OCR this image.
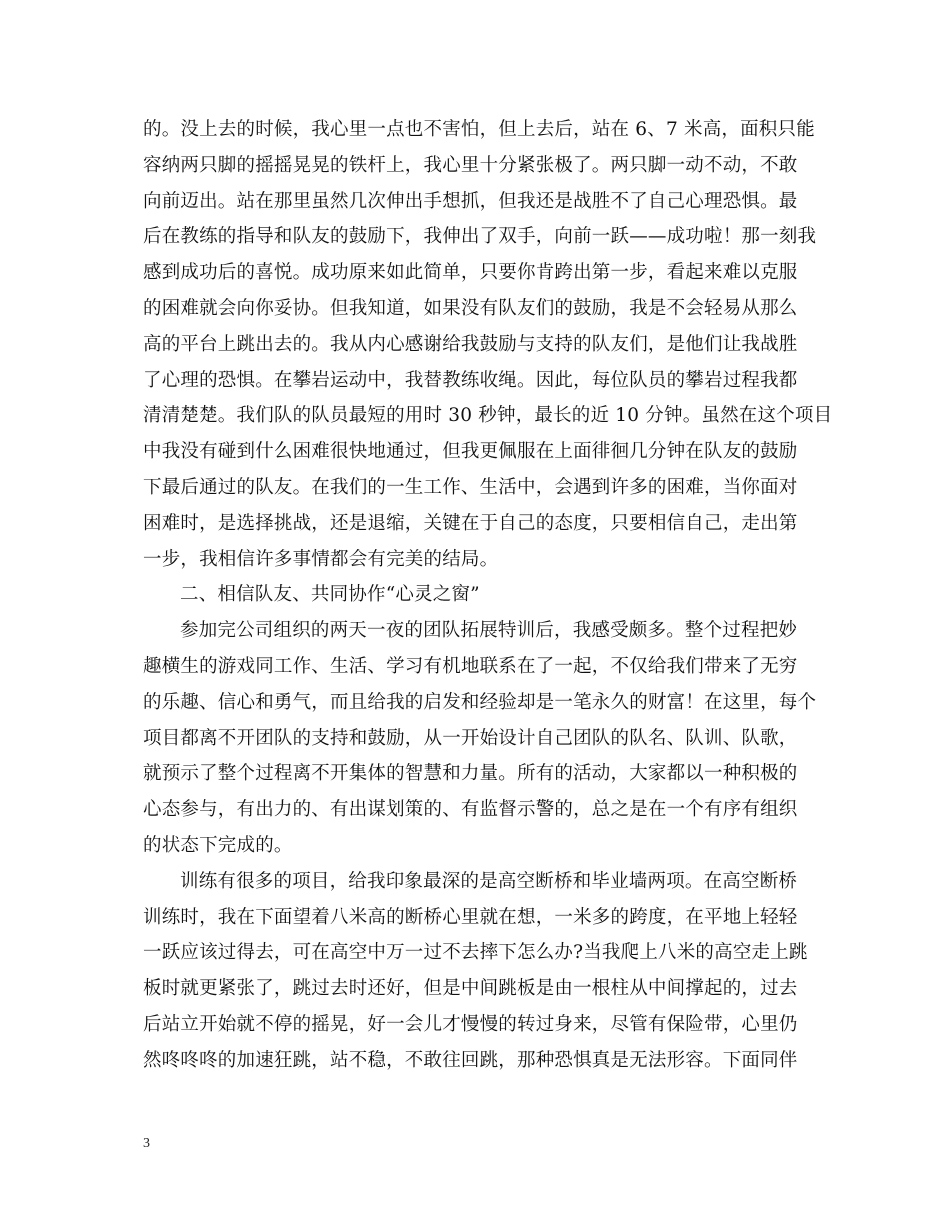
的。没上去的时候，我心里一点也不害怕，但上去后，站在 6、7 米高，面积只能
容纳两只脚的摇摇晃晃的铁杆上，我心里十分紧张极了。两只脚一动不动，不敢
向前迈出。站在那里虽然几次伸出手想抓，但我还是战胜不了自己心理恐惧。最
后在教练的指导和队友的鼓励下，我伸出了双手，向前一跃——成功啦！那一刻我
感到成功后的喜悦。成功原来如此简单，只要你肯跨出第一步，看起来难以克服
的困难就会向你妥协。但我知道，如果没有队友们的鼓励，我是不会轻易从那么
高的平台上跳出去的。我从内心感谢给我鼓励与支持的队友们，是他们让我战胜
了心理的恐惧。在攀岩运动中，我替教练收绳。因此，每位队员的攀岩过程我都
清清楚楚。我们队的队员最短的用时 30 秒钟，最长的近 10 分钟。虽然在这个项目
中我没有碰到什么困难很快地通过，但我更佩服在上面徘徊几分钟在队友的鼓励
下最后通过的队友。在我们的一生工作、生活中，会遇到许多的困难，当你面对
困难时，是选择挑战，还是退缩，关键在于自己的态度，只要相信自己，走出第
一步，我相信许多事情都会有完美的结局。
二、相信队友、共同协作“心灵之窗”
参加完公司组织的两天一夜的团队拓展特训后，我感受颇多。整个过程把妙
趣横生的游戏同工作、生活、学习有机地联系在了一起，不仅给我们带来了无穷
的乐趣、信心和勇气，而且给我的启发和经验却是一笔永久的财富！在这里，每个
项目都离不开团队的支持和鼓励，从一开始设计自己团队的队名、队训、队歌，
就预示了整个过程离不开集体的智慧和力量。所有的活动，大家都以一种积极的
心态参与，有出力的、有出谋划策的、有监督示警的，总之是在一个有序有组织
的状态下完成的。
训练有很多的项目，给我印象最深的是高空断桥和毕业墙两项。在高空断桥
训练时，我在下面望着八米高的断桥心里就在想，一米多的跨度，在平地上轻轻
一跃应该过得去，可在高空中万一过不去摔下怎么办?当我爬上八米的高空走上跳
板时就更紧张了，跳过去时还好，但是中间跳板是由一根柱从中间撑起的，过去
后站立开始就不停的摇晃，好一会儿才慢慢的转过身来，尽管有保险带，心里仍
然咚咚咚的加速狂跳，站不稳，不敢往回跳，那种恐惧真是无法形容。下面同伴
3
